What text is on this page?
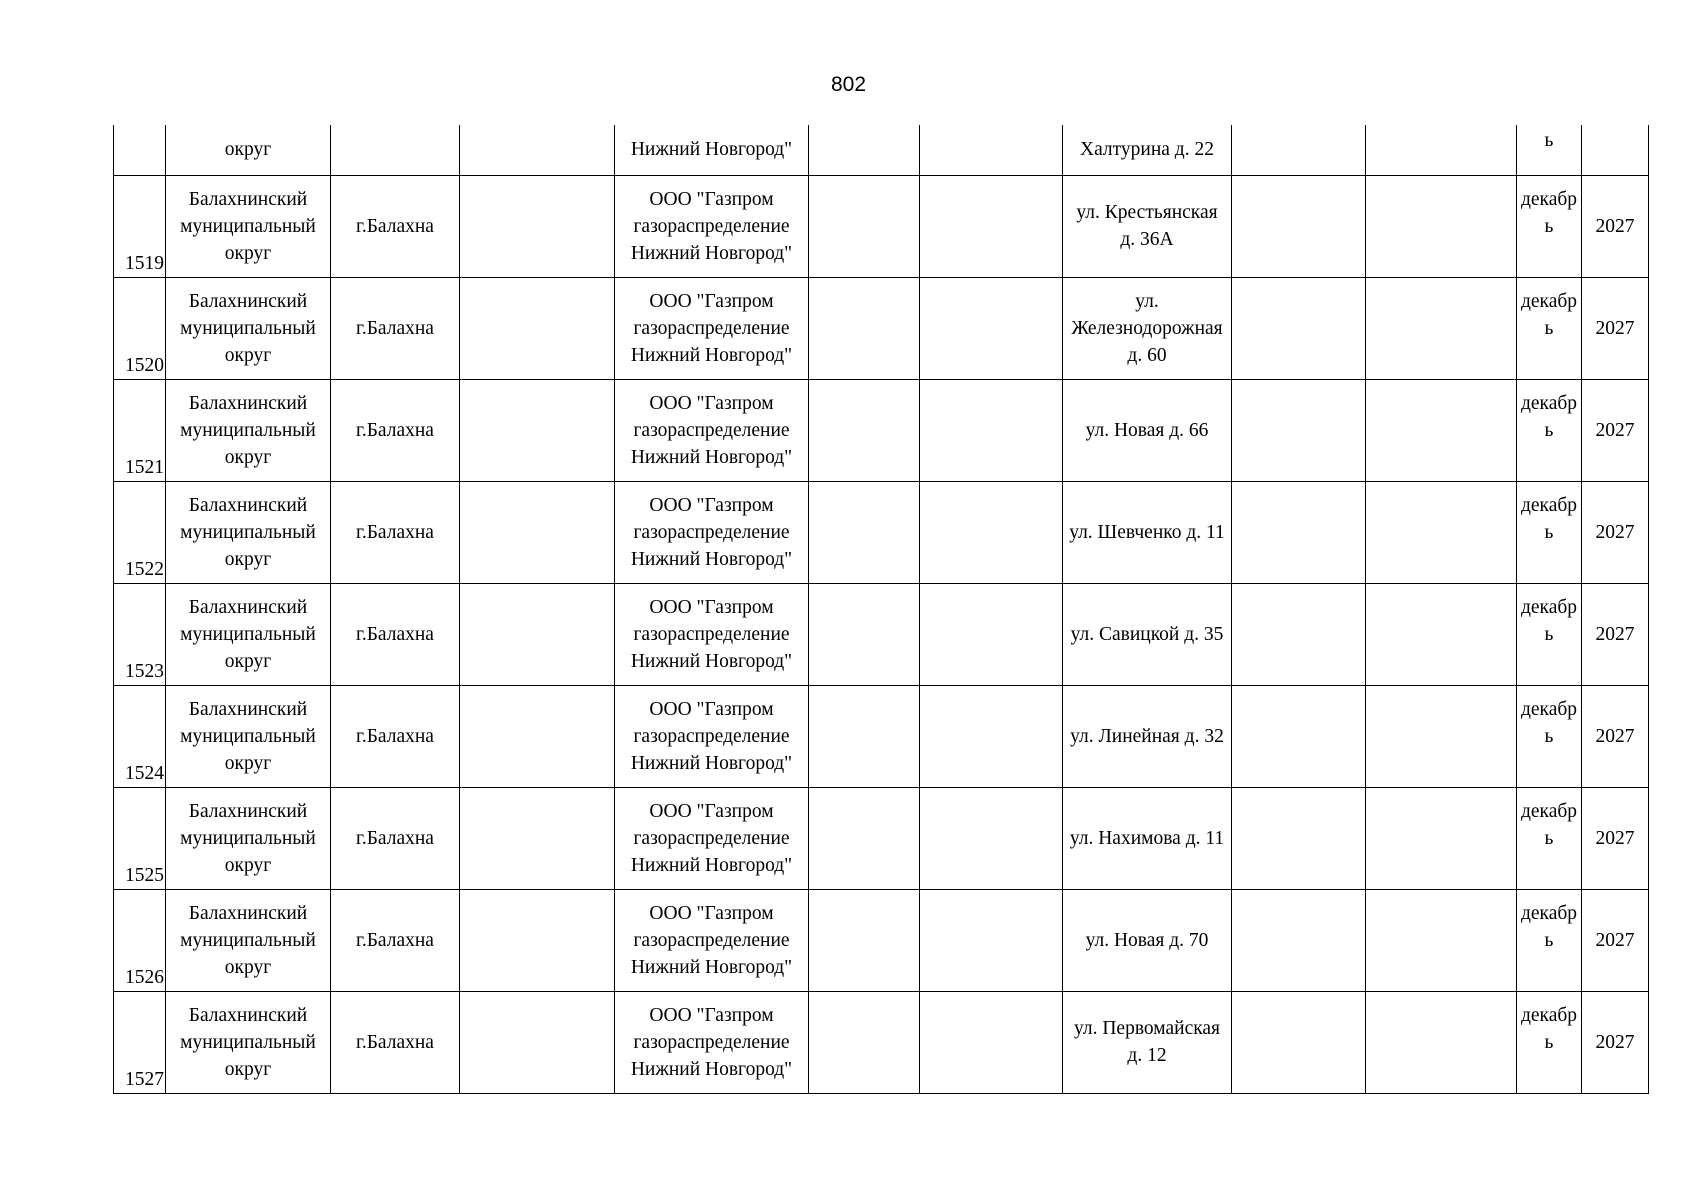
802
	округ			Нижний Новгород"			Халтурина д. 22			ь	
1519	Балахнинский
муниципальный
округ	г.Балахна		ООО "Газпром
газораспределение
Нижний Новгород"			ул. Крестьянская
д. 36А			декабр
ь	2027
1520	Балахнинский
муниципальный
округ	г.Балахна		ООО "Газпром
газораспределение
Нижний Новгород"			ул.
Железнодорожная
д. 60			декабр
ь	2027
1521	Балахнинский
муниципальный
округ	г.Балахна		ООО "Газпром
газораспределение
Нижний Новгород"			ул. Новая д. 66			декабр
ь	2027
1522	Балахнинский
муниципальный
округ	г.Балахна		ООО "Газпром
газораспределение
Нижний Новгород"			ул. Шевченко д. 11			декабр
ь	2027
1523	Балахнинский
муниципальный
округ	г.Балахна		ООО "Газпром
газораспределение
Нижний Новгород"			ул. Савицкой д. 35			декабр
ь	2027
1524	Балахнинский
муниципальный
округ	г.Балахна		ООО "Газпром
газораспределение
Нижний Новгород"			ул. Линейная д. 32			декабр
ь	2027
1525	Балахнинский
муниципальный
округ	г.Балахна		ООО "Газпром
газораспределение
Нижний Новгород"			ул. Нахимова д. 11			декабр
ь	2027
1526	Балахнинский
муниципальный
округ	г.Балахна		ООО "Газпром
газораспределение
Нижний Новгород"			ул. Новая д. 70			декабр
ь	2027
1527	Балахнинский
муниципальный
округ	г.Балахна		ООО "Газпром
газораспределение
Нижний Новгород"			ул. Первомайская
д. 12			декабр
ь	2027
